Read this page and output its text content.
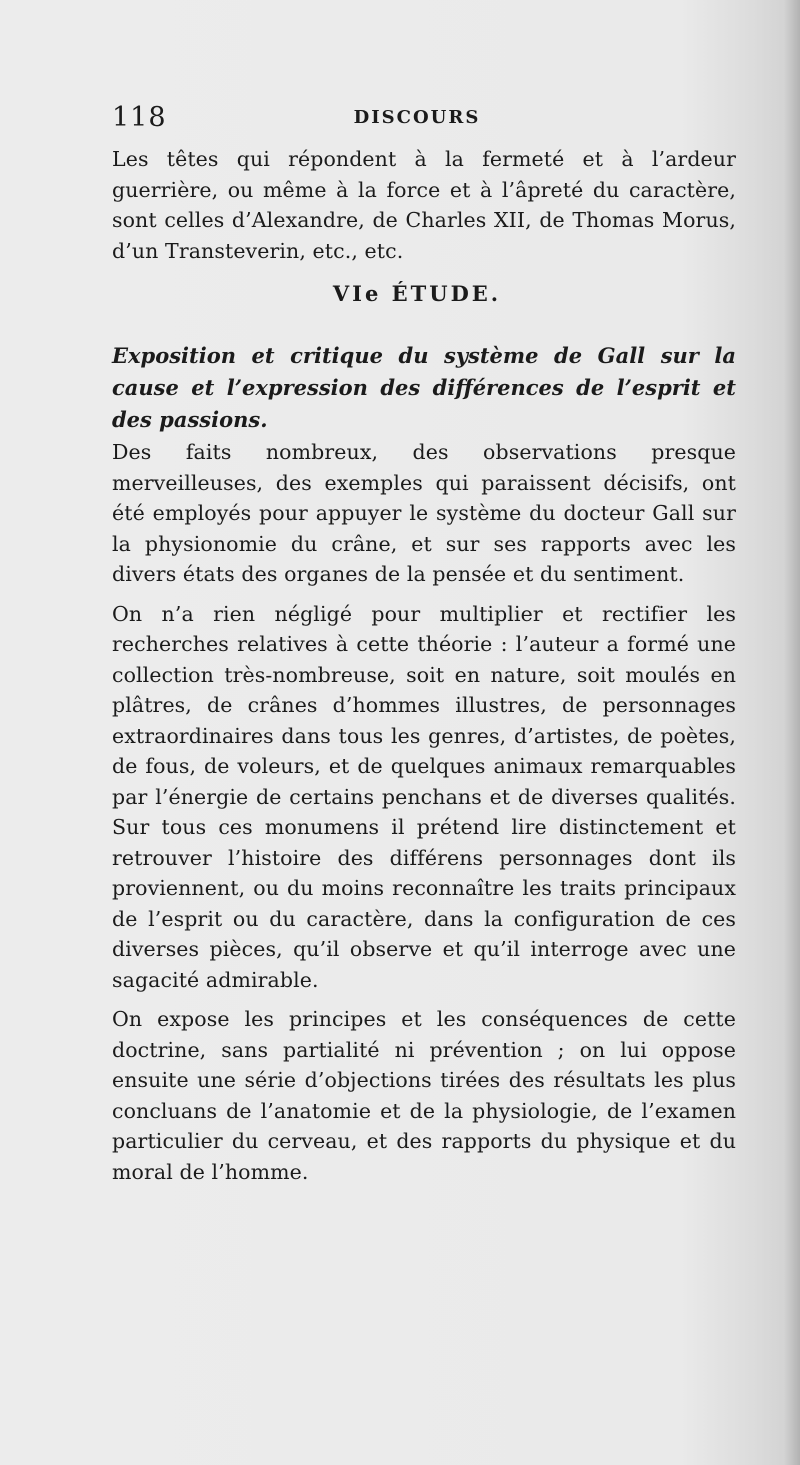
118	DISCOURS

Les têtes qui répondent à la fermeté et à l’ardeur guerrière, ou même à la force et à l’âpreté du caractère, sont celles d’Alexandre, de Charles XII, de Thomas Morus, d’un Transteverin, etc., etc.

VIe ÉTUDE.
Exposition et critique du système de Gall sur la cause et l’expression des différences de l’esprit et des passions.

Des faits nombreux, des observations presque merveilleuses, des exemples qui paraissent décisifs, ont été employés pour appuyer le système du docteur Gall sur la physionomie du crâne, et sur ses rapports avec les divers états des organes de la pensée et du sentiment.

On n’a rien négligé pour multiplier et rectifier les recherches relatives à cette théorie : l’auteur a formé une collection très-nombreuse, soit en nature, soit moulés en plâtres, de crânes d’hommes illustres, de personnages extraordinaires dans tous les genres, d’artistes, de poètes, de fous, de voleurs, et de quelques animaux remarquables par l’énergie de certains penchans et de diverses qualités. Sur tous ces monumens il prétend lire distinctement et retrouver l’histoire des différens personnages dont ils proviennent, ou du moins reconnaître les traits principaux de l’esprit ou du caractère, dans la configuration de ces diverses pièces, qu’il observe et qu’il interroge avec une sagacité admirable.

On expose les principes et les conséquences de cette doctrine, sans partialité ni prévention ; on lui oppose ensuite une série d’objections tirées des résultats les plus concluans de l’anatomie et de la physiologie, de l’examen particulier du cerveau, et des rapports du physique et du moral de l’homme.
